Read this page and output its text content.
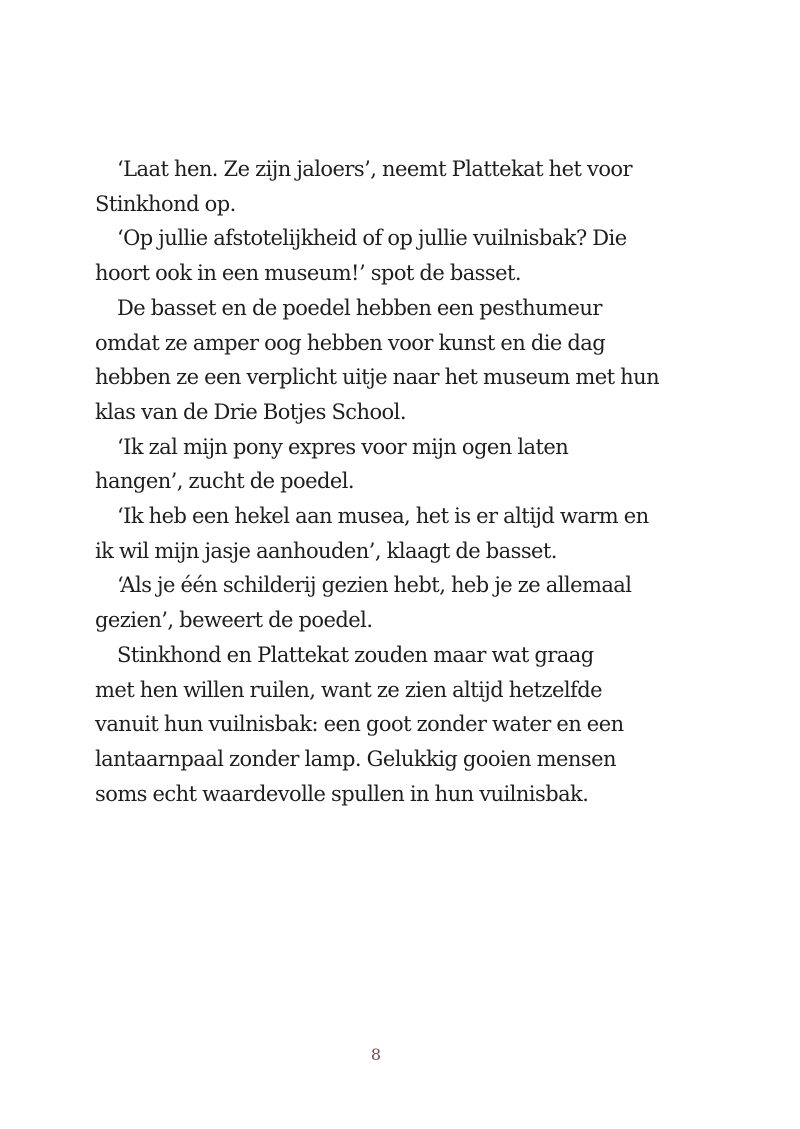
‘Laat hen. Ze zijn jaloers’, neemt Plattekat het voor
Stinkhond op.
‘Op jullie afstotelijkheid of op jullie vuilnisbak? Die
hoort ook in een museum!’ spot de basset.
De basset en de poedel hebben een pesthumeur
omdat ze amper oog hebben voor kunst en die dag
hebben ze een verplicht uitje naar het museum met hun
klas van de Drie Botjes School.
‘Ik zal mijn pony expres voor mijn ogen laten
hangen’, zucht de poedel.
‘Ik heb een hekel aan musea, het is er altijd warm en
ik wil mijn jasje aanhouden’, klaagt de basset.
‘Als je één schilderij gezien hebt, heb je ze allemaal
gezien’, beweert de poedel.
Stinkhond en Plattekat zouden maar wat graag
met hen willen ruilen, want ze zien altijd hetzelfde
vanuit hun vuilnisbak: een goot zonder water en een
lantaarnpaal zonder lamp. Gelukkig gooien mensen
soms echt waardevolle spullen in hun vuilnisbak.
8
